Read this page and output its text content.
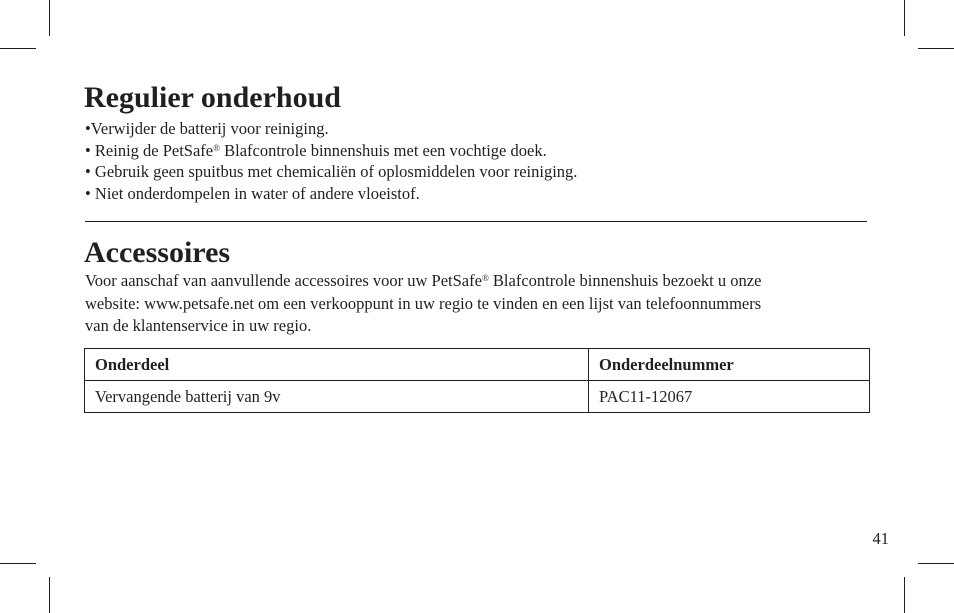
Regulier onderhoud
•Verwijder de batterij voor reiniging.
• Reinig de PetSafe® Blafcontrole binnenshuis met een vochtige doek.
• Gebruik geen spuitbus met chemicaliën of oplosmiddelen voor reiniging.
• Niet onderdompelen in water of andere vloeistof.
Accessoires

Voor aanschaf van aanvullende accessoires voor uw PetSafe® Blafcontrole binnenshuis bezoekt u onze
website: www.petsafe.net om een verkooppunt in uw regio te vinden en een lijst van telefoonnummers
van de klantenservice in uw regio.

Onderdeel	Onderdeelnummer
Vervangende batterij van 9v	PAC11-12067
41
